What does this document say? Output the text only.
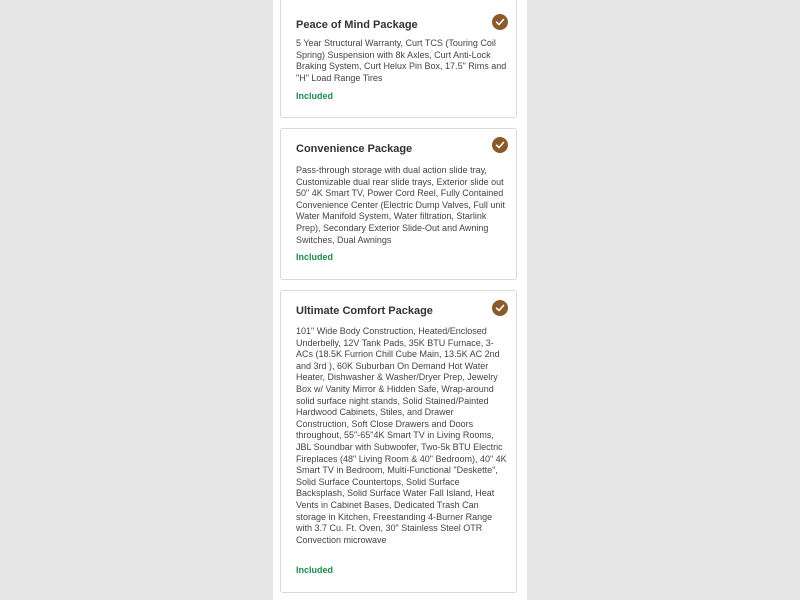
Peace of Mind Package

5 Year Structural Warranty, Curt TCS (Touring Coil Spring) Suspension with 8k Axles, Curt Anti-Lock Braking System, Curt Helux Pin Box, 17.5" Rims and "H" Load Range Tires

Included

Convenience Package

Pass-through storage with dual action slide tray, Customizable dual rear slide trays, Exterior slide out 50" 4K Smart TV, Power Cord Reel, Fully Contained Convenience Center (Electric Dump Valves, Full unit Water Manifold System, Water filtration, Starlink Prep), Secondary Exterior Slide-Out and Awning Switches, Dual Awnings

Included

Ultimate Comfort Package

101" Wide Body Construction, Heated/Enclosed Underbelly, 12V Tank Pads, 35K BTU Furnace, 3-ACs (18.5K Furrion Chill Cube Main, 13.5K AC 2nd and 3rd ), 60K Suburban On Demand Hot Water Heater, Dishwasher & Washer/Dryer Prep, Jewelry Box w/ Vanity Mirror & Hidden Safe, Wrap-around solid surface night stands, Solid Stained/Painted Hardwood Cabinets, Stiles, and Drawer Construction, Soft Close Drawers and Doors throughout, 55"-65"4K Smart TV in Living Rooms, JBL Soundbar with Subwoofer, Two-5k BTU Electric Fireplaces (48" Living Room & 40" Bedroom), 40" 4K Smart TV in Bedroom, Multi-Functional "Deskette", Solid Surface Countertops, Solid Surface Backsplash, Solid Surface Water Fall Island, Heat Vents in Cabinet Bases, Dedicated Trash Can storage in Kitchen, Freestanding 4-Burner Range with 3.7 Cu. Ft. Oven, 30" Stainless Steel OTR Convection microwave

Included
